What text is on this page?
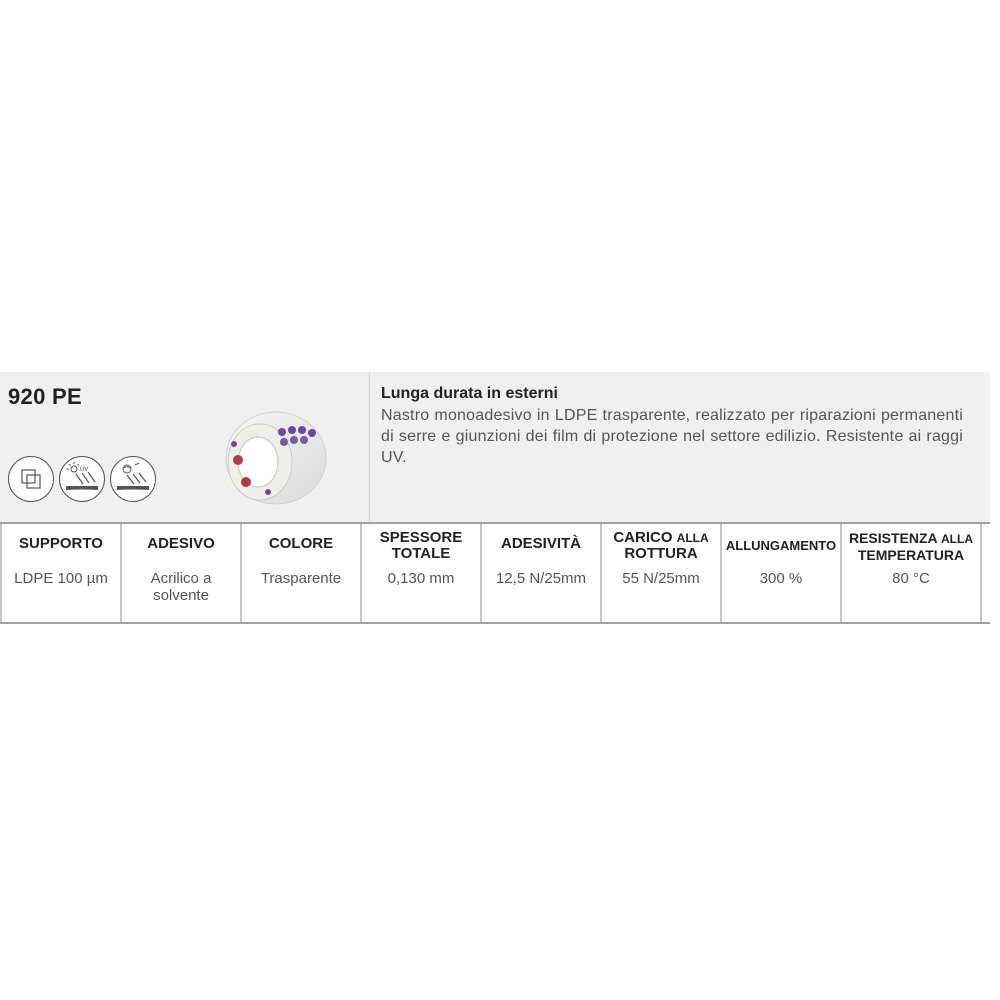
920 PE
UV
Lunga durata in esterni
Nastro monoadesivo in LDPE trasparente, realizzato per riparazioni permanenti di serre e giunzioni dei film di protezione nel settore edilizio. Resistente ai raggi UV.
SUPPORTO
LDPE 100 µm
ADESIVO
Acrilico a solvente
COLORE
Trasparente
SPESSORE
TOTALE
0,130 mm
ADESIVITÀ
12,5 N/25mm
CARICO ALLA
ROTTURA
55 N/25mm
ALLUNGAMENTO
300 %
RESISTENZA ALLA
TEMPERATURA
80 °C
